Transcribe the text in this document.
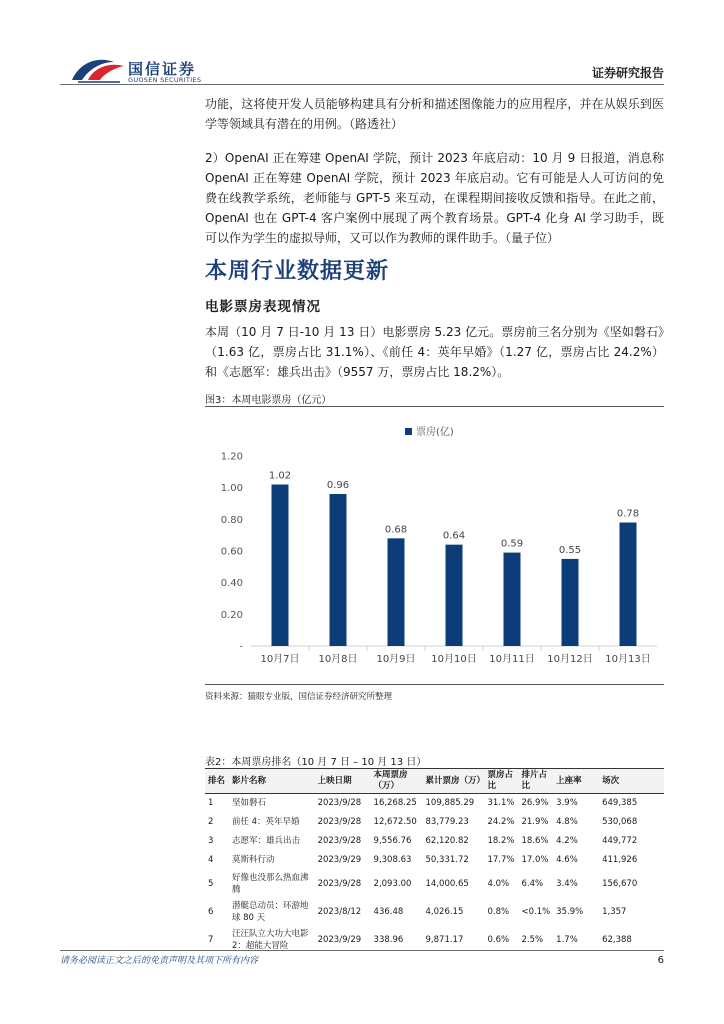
国信证券
GUOSEN SECURITIES	证券研究报告

功能，这将使开发人员能够构建具有分析和描述图像能力的应用程序，并在从娱乐到医学等领域具有潜在的用例。（路透社）

2）OpenAI 正在筹建 OpenAI 学院，预计 2023 年底启动：10 月 9 日报道，消息称 OpenAI 正在筹建 OpenAI 学院，预计 2023 年底启动。它有可能是人人可访问的免费在线教学系统，老师能与 GPT-5 来互动，在课程期间接收反馈和指导。在此之前，OpenAI 也在 GPT-4 客户案例中展现了两个教育场景。GPT-4 化身 AI 学习助手，既可以作为学生的虚拟导师，又可以作为教师的课件助手。（量子位）

本周行业数据更新
电影票房表现情况

本周（10 月 7 日-10 月 13 日）电影票房 5.23 亿元。票房前三名分别为《坚如磐石》（1.63 亿，票房占比 31.1%）、《前任 4：英年早婚》（1.27 亿，票房占比 24.2%）和《志愿军：雄兵出击》（9557 万，票房占比 18.2%）。

图3：本周电影票房（亿元）
票房(亿)
-
0.20
0.40
0.60
0.80
1.00
1.20
1.02
0.96
0.68
0.64
0.59
0.55
0.78
10月7日 10月8日 10月9日 10月10日 10月11日 10月12日 10月13日
资料来源：猫眼专业版，国信证券经济研究所整理
表2：本周票房排名（10 月 7 日 – 10 月 13 日）
排名	影片名称	上映日期	本周票房（万）	累计票房（万）	票房占比	排片占比	上座率	场次
1	坚如磐石	2023/9/28	16,268.25	109,885.29	31.1%	26.9%	3.9%	649,385
2	前任 4：英年早婚	2023/9/28	12,672.50	83,779.23	24.2%	21.9%	4.8%	530,068
3	志愿军：雄兵出击	2023/9/28	9,556.76	62,120.82	18.2%	18.6%	4.2%	449,772
4	莫斯科行动	2023/9/29	9,308.63	50,331.72	17.7%	17.0%	4.6%	411,926
5	好像也没那么热血沸腾	2023/9/28	2,093.00	14,000.65	4.0%	6.4%	3.4%	156,670
6	潜艇总动员：环游地球 80 天	2023/8/12	436.48	4,026.15	0.8%	<0.1%	35.9%	1,357
7	汪汪队立大功大电影 2：超能大冒险	2023/9/29	338.96	9,871.17	0.6%	2.5%	1.7%	62,388
请务必阅读正文之后的免责声明及其项下所有内容	6
